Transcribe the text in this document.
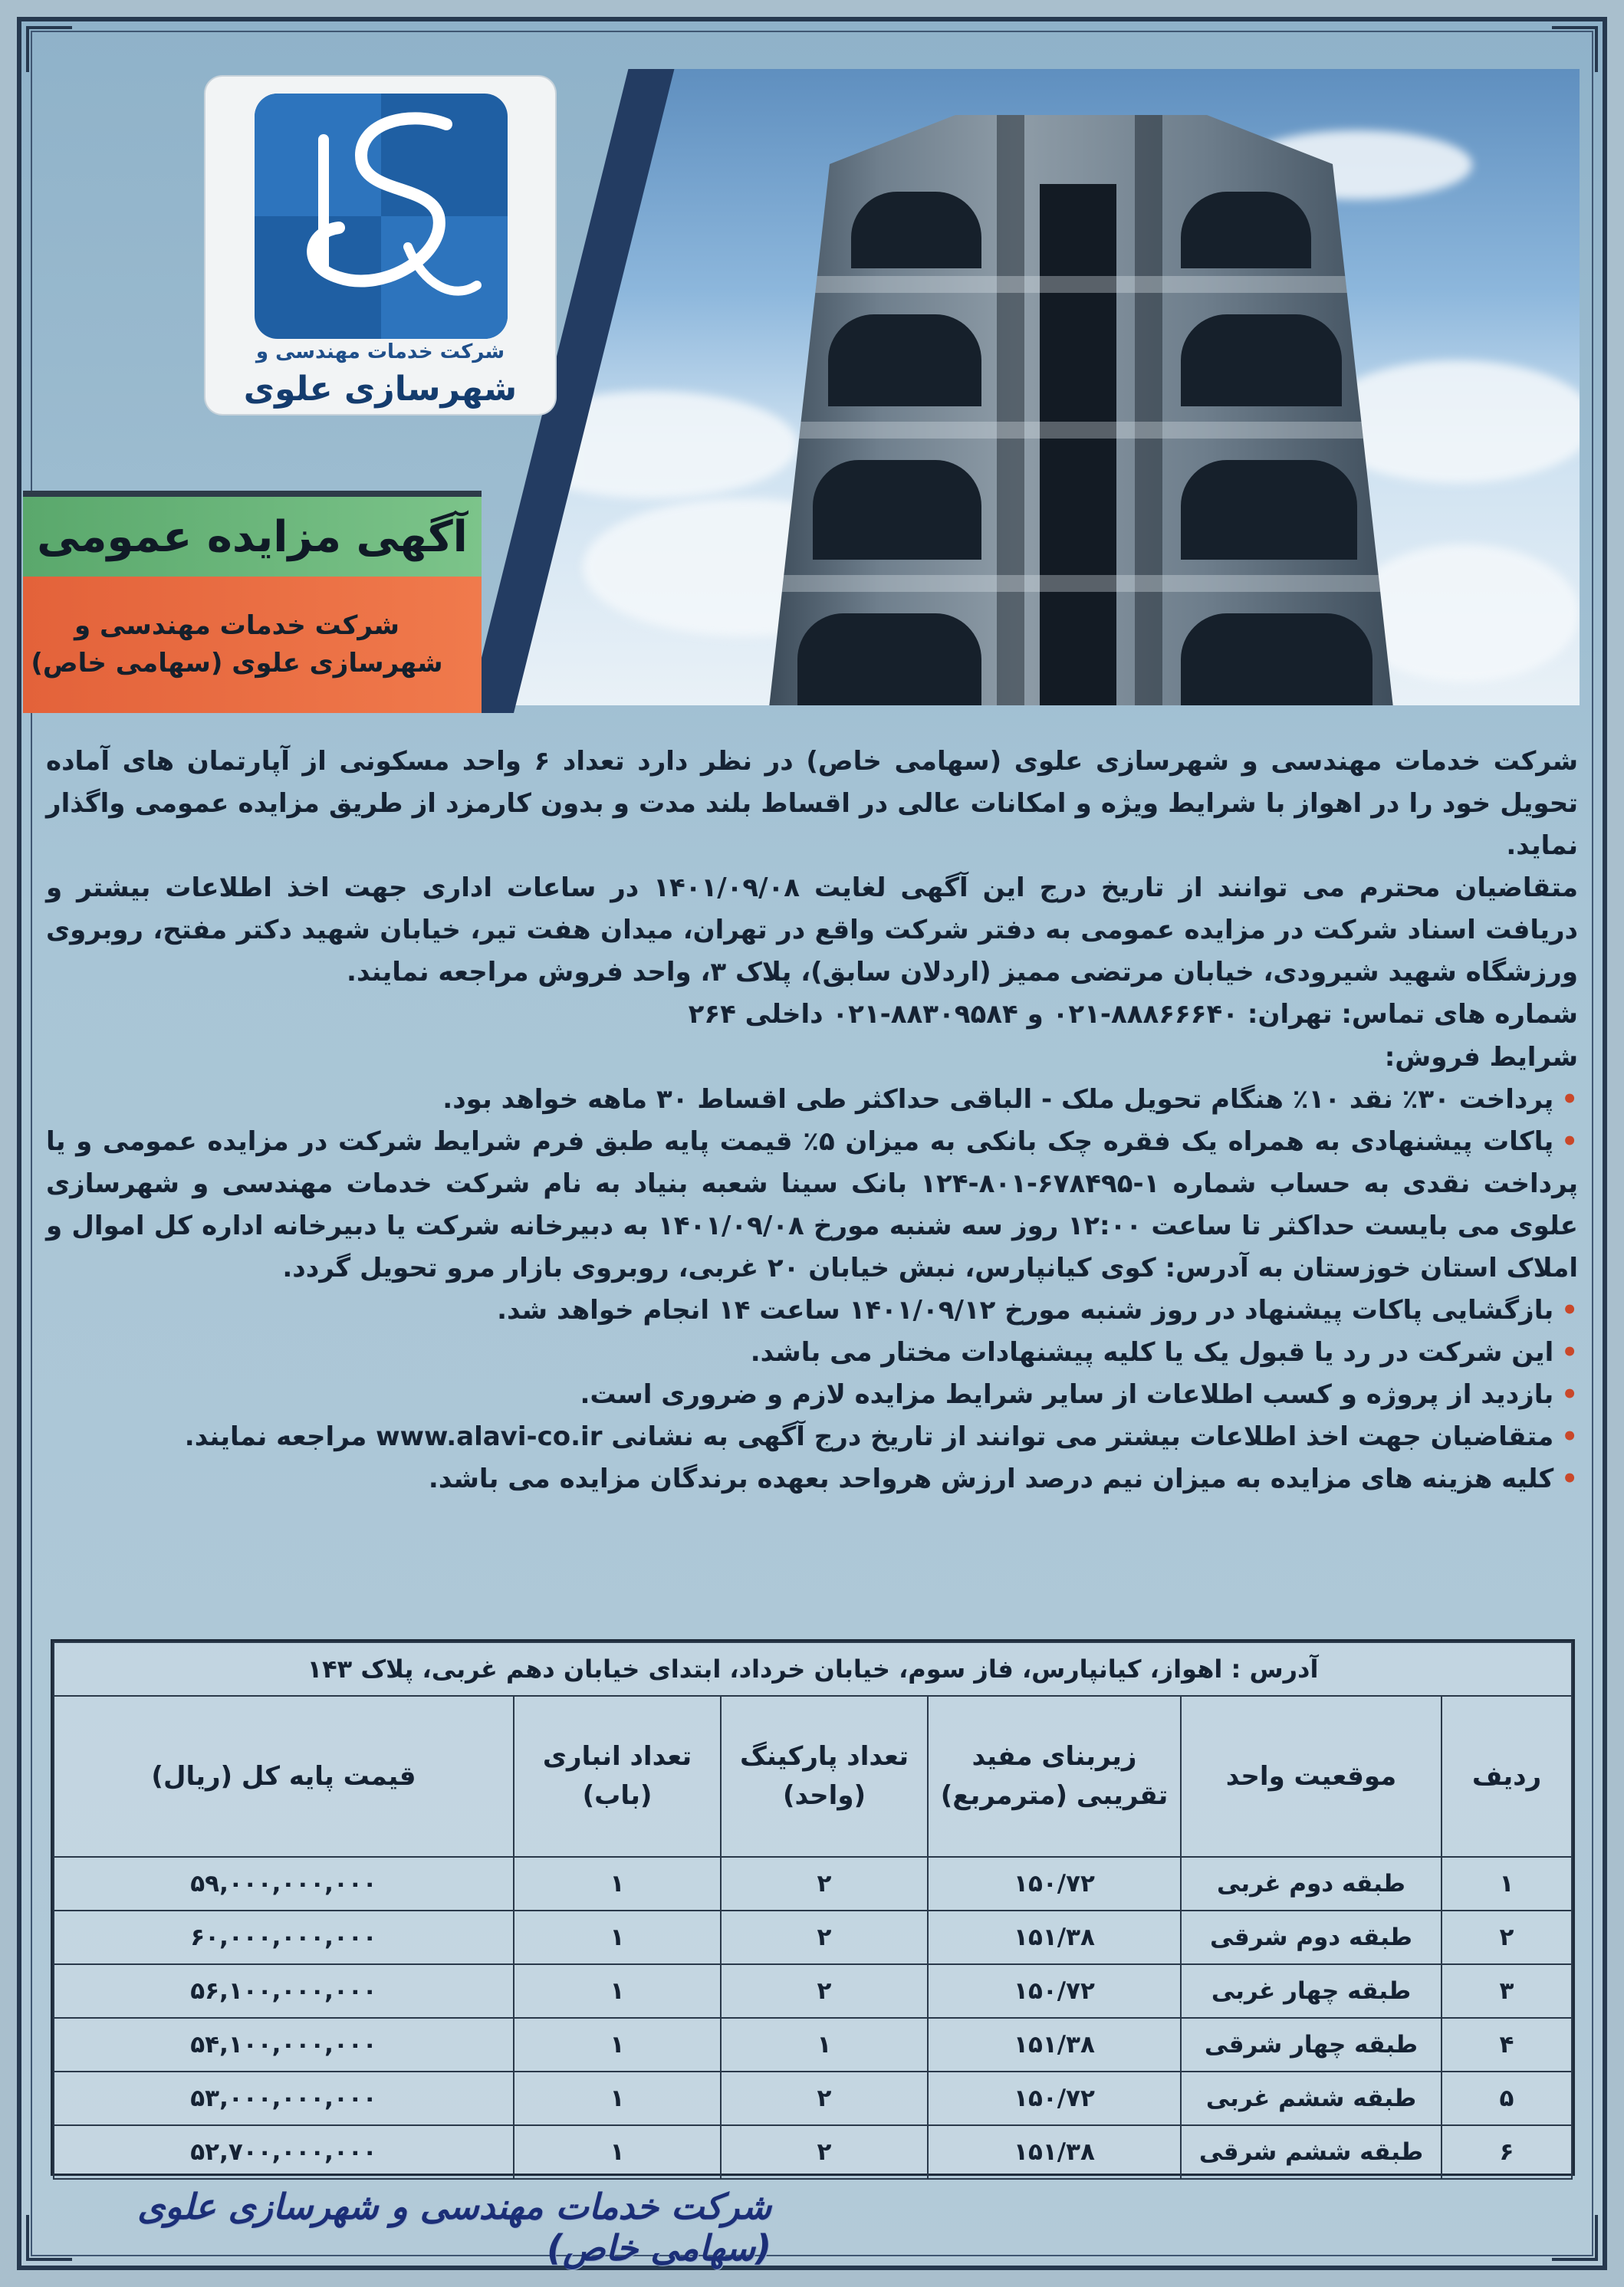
شرکت خدمات مهندسی و
شهرسازی علوی
آگهی مزایده عمومی
شرکت خدمات مهندسی و
شهرسازی علوی (سهامی خاص)

شرکت خدمات مهندسی و شهرسازی علوی (سهامی خاص) در نظر دارد تعداد ۶ واحد مسکونی از آپارتمان های آماده تحویل خود را در اهواز با شرایط ویژه و امکانات عالی در اقساط بلند مدت و بدون کارمزد از طریق مزایده عمومی واگذار نماید.

متقاضیان محترم می توانند از تاریخ درج این آگهی لغایت ۱۴۰۱/۰۹/۰۸ در ساعات اداری جهت اخذ اطلاعات بیشتر و دریافت اسناد شرکت در مزایده عمومی به دفتر شرکت واقع در تهران، میدان هفت تیر، خیابان شهید دکتر مفتح، روبروی ورزشگاه شهید شیرودی، خیابان مرتضی ممیز (اردلان سابق)، پلاک ۳، واحد فروش مراجعه نمایند.

شماره های تماس: تهران: ۸۸۸۶۶۶۴۰-۰۲۱ و ۸۸۳۰۹۵۸۴-۰۲۱ داخلی ۲۶۴

شرایط فروش:

• پرداخت ۳۰٪ نقد ۱۰٪ هنگام تحویل ملک - الباقی حداکثر طی اقساط ۳۰ ماهه خواهد بود.

• پاکات پیشنهادی به همراه یک فقره چک بانکی به میزان ۵٪ قیمت پایه طبق فرم شرایط شرکت در مزایده عمومی و یا پرداخت نقدی به حساب شماره ۱-۶۷۸۴۹۵-۸۰۱-۱۲۴ بانک سینا شعبه بنیاد به نام شرکت خدمات مهندسی و شهرسازی علوی می بایست حداکثر تا ساعت ۱۲:۰۰ روز سه شنبه مورخ ۱۴۰۱/۰۹/۰۸ به دبیرخانه شرکت یا دبیرخانه اداره کل اموال و املاک استان خوزستان به آدرس: کوی کیانپارس، نبش خیابان ۲۰ غربی، روبروی بازار مرو تحویل گردد.

• بازگشایی پاکات پیشنهاد در روز شنبه مورخ ۱۴۰۱/۰۹/۱۲ ساعت ۱۴ انجام خواهد شد.

• این شرکت در رد یا قبول یک یا کلیه پیشنهادات مختار می باشد.

• بازدید از پروژه و کسب اطلاعات از سایر شرایط مزایده لازم و ضروری است.

• متقاضیان جهت اخذ اطلاعات بیشتر می توانند از تاریخ درج آگهی به نشانی www.alavi-co.ir مراجعه نمایند.

• کلیه هزینه های مزایده به میزان نیم درصد ارزش هرواحد بعهده برندگان مزایده می باشد.

آدرس : اهواز، کیانپارس، فاز سوم، خیابان خرداد، ابتدای خیابان دهم غربی، پلاک ۱۴۳					
ردیف	موقعیت واحد	زیربنای مفید تقریبی (مترمربع)	تعداد پارکینگ (واحد)	تعداد انباری (باب)	قیمت پایه کل (ریال)
۱	طبقه دوم غربی	۱۵۰/۷۲	۲	۱	۵۹,۰۰۰,۰۰۰,۰۰۰
۲	طبقه دوم شرقی	۱۵۱/۳۸	۲	۱	۶۰,۰۰۰,۰۰۰,۰۰۰
۳	طبقه چهار غربی	۱۵۰/۷۲	۲	۱	۵۶,۱۰۰,۰۰۰,۰۰۰
۴	طبقه چهار شرقی	۱۵۱/۳۸	۱	۱	۵۴,۱۰۰,۰۰۰,۰۰۰
۵	طبقه ششم غربی	۱۵۰/۷۲	۲	۱	۵۳,۰۰۰,۰۰۰,۰۰۰
۶	طبقه ششم شرقی	۱۵۱/۳۸	۲	۱	۵۲,۷۰۰,۰۰۰,۰۰۰
شرکت خدمات مهندسی و شهرسازی علوی (سهامی خاص)
